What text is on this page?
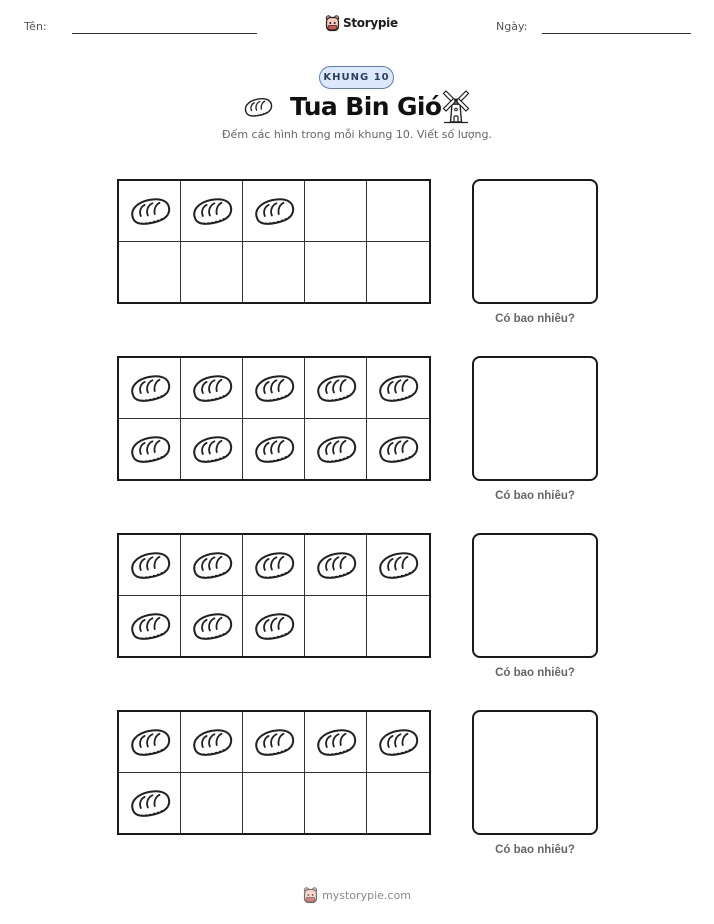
Tên:	Storypie	Ngày:
KHUNG 10
Tua Bin Gió
Đếm các hình trong mỗi khung 10. Viết số lượng.
Có bao nhiêu?
Có bao nhiêu?
Có bao nhiêu?
Có bao nhiêu?
mystorypie.com
